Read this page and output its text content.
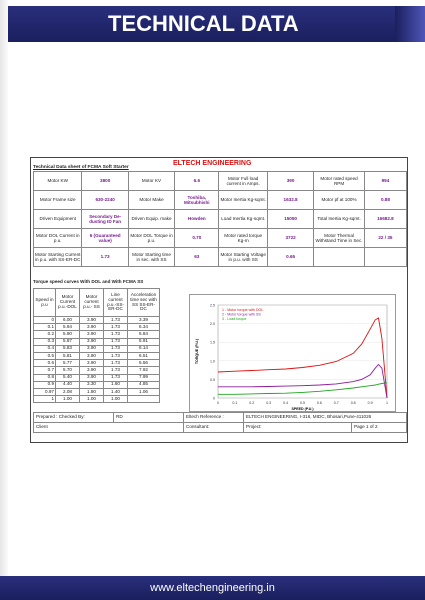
TECHNICAL DATA
Technical Data sheet of FCMA Soft Starter
ELTECH ENGINEERING
Motor KW	3800	Motor KV	6.6	Motor Full load current in Amps.	390	Motor rated speed RPM	994
Motor Frame size	630-2240	Motor Make	Toshiba, Mitsubhishi	Motor Inertia Kg-sqmt.	1632.8	Motor pf at 100%	0.88
Driven Equipment	Secondary De-dusting ID Fan	Driven Equip. make	Howden	Load Inertia Kg-sqmt.	15050	Total Inertia Kg-sqmt.	16682.8
Motor DOL Current in p.u.	6 (Guaranteed value)	Motor DOL Torque in p.u.	0.70	Motor rated torque Kg-m	3722	Motor Thermal Withstand Time in Sec.	22 / 35
Motor Starting Current in p.u. with SS-ER-DC	1.73	Motor Starting time in sec. with SS	63	Motor Starting Voltage in p.u. with SS	0.65		
Torque speed curves With DOL and With FCMA SS
Speed in p.u	Motor Current p.u.-DOL	Motor current p.u.- SS	Line current p.u.-SS-ER-DC	Acceleration time sec with SS SS-ER-DC
0	6.00	3.90	1.73	3.39
0.1	5.94	3.90	1.73	6.34
0.2	5.90	3.90	1.73	5.84
0.3	5.87	3.90	1.73	5.91
0.4	5.83	3.90	1.73	6.14
0.5	5.81	3.90	1.73	6.51
0.6	5.77	3.90	1.73	6.56
0.7	5.70	3.90	1.73	7.92
0.8	5.40	3.90	1.73	7.99
0.9	4.40	3.30	1.60	4.85
0.97	2.08	1.80	1.40	1.06
1	1.00	1.00	1.00		0
0.5
1.0
1.5
2.0
2.5
0	0.1	0.2	0.3	0.4	0.5	0.6	0.7	0.8	0.9	1
SPEED (P.U.)
TORQUE (P.U.)
1 - Motor torque with DOL
2 - Motor torque with SS
3 - Load torque
Prepared : Checked By:	RD	Eltech Reference :	ELTECH ENGINEERING, I-316, MIDC, Bhosari,Pune-411026	
Client		Consultant:	Project:	Page 1 of 2
www.eltechengineering.in
